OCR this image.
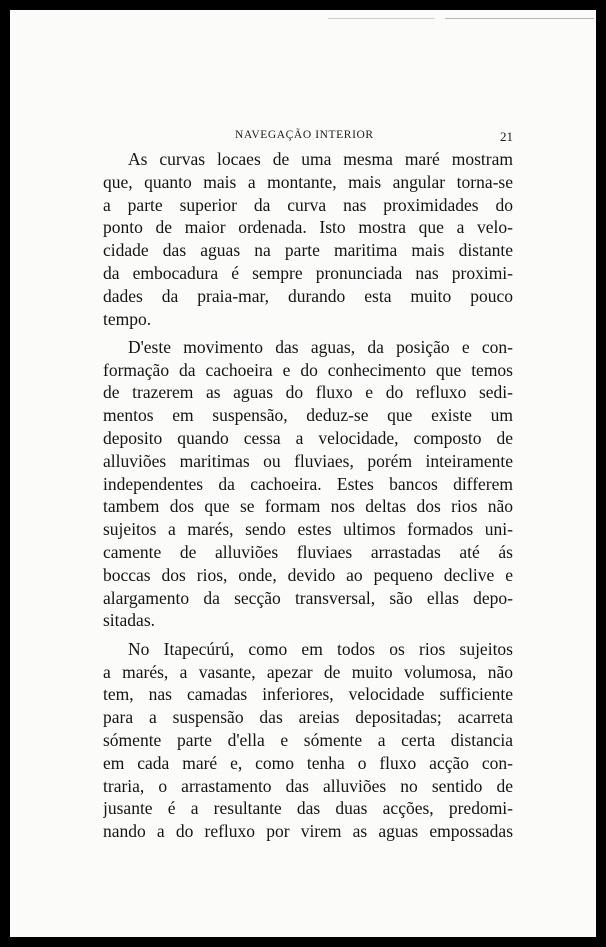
NAVEGAÇÃO INTERIOR	21
As curvas locaes de uma mesma maré mostram
que, quanto mais a montante, mais angular torna-se
a parte superior da curva nas proximidades do
ponto de maior ordenada. Isto mostra que a velo-
cidade das aguas na parte maritima mais distante
da embocadura é sempre pronunciada nas proximi-
dades da praia-mar, durando esta muito pouco
tempo.
D'este movimento das aguas, da posição e con-
formação da cachoeira e do conhecimento que temos
de trazerem as aguas do fluxo e do refluxo sedi-
mentos em suspensão, deduz-se que existe um
deposito quando cessa a velocidade, composto de
alluviões maritimas ou fluviaes, porém inteiramente
independentes da cachoeira. Estes bancos differem
tambem dos que se formam nos deltas dos rios não
sujeitos a marés, sendo estes ultimos formados uni-
camente de alluviões fluviaes arrastadas até ás
boccas dos rios, onde, devido ao pequeno declive e
alargamento da secção transversal, são ellas depo-
sitadas.
No Itapecúrú, como em todos os rios sujeitos
a marés, a vasante, apezar de muito volumosa, não
tem, nas camadas inferiores, velocidade sufficiente
para a suspensão das areias depositadas; acarreta
sómente parte d'ella e sómente a certa distancia
em cada maré e, como tenha o fluxo acção con-
traria, o arrastamento das alluviões no sentido de
jusante é a resultante das duas acções, predomi-
nando a do refluxo por virem as aguas empossadas
